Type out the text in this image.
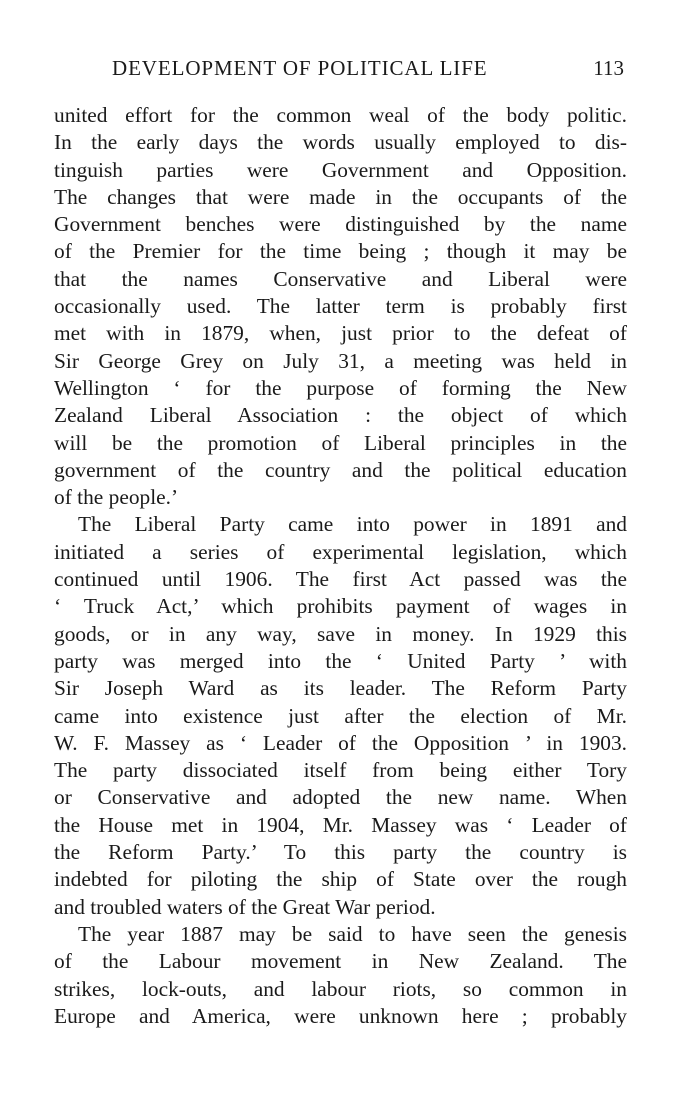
DEVELOPMENT OF POLITICAL LIFE	113
united effort for the common weal of the body politic.
In the early days the words usually employed to dis-
tinguish parties were Government and Opposition.
The changes that were made in the occupants of the
Government benches were distinguished by the name
of the Premier for the time being ; though it may be
that the names Conservative and Liberal were
occasionally used. The latter term is probably first
met with in 1879, when, just prior to the defeat of
Sir George Grey on July 31, a meeting was held in
Wellington ‘ for the purpose of forming the New
Zealand Liberal Association : the object of which
will be the promotion of Liberal principles in the
government of the country and the political education
of the people.’
The Liberal Party came into power in 1891 and
initiated a series of experimental legislation, which
continued until 1906. The first Act passed was the
‘ Truck Act,’ which prohibits payment of wages in
goods, or in any way, save in money. In 1929 this
party was merged into the ‘ United Party ’ with
Sir Joseph Ward as its leader. The Reform Party
came into existence just after the election of Mr.
W. F. Massey as ‘ Leader of the Opposition ’ in 1903.
The party dissociated itself from being either Tory
or Conservative and adopted the new name. When
the House met in 1904, Mr. Massey was ‘ Leader of
the Reform Party.’ To this party the country is
indebted for piloting the ship of State over the rough
and troubled waters of the Great War period.
The year 1887 may be said to have seen the genesis
of the Labour movement in New Zealand. The
strikes, lock-outs, and labour riots, so common in
Europe and America, were unknown here ; probably
